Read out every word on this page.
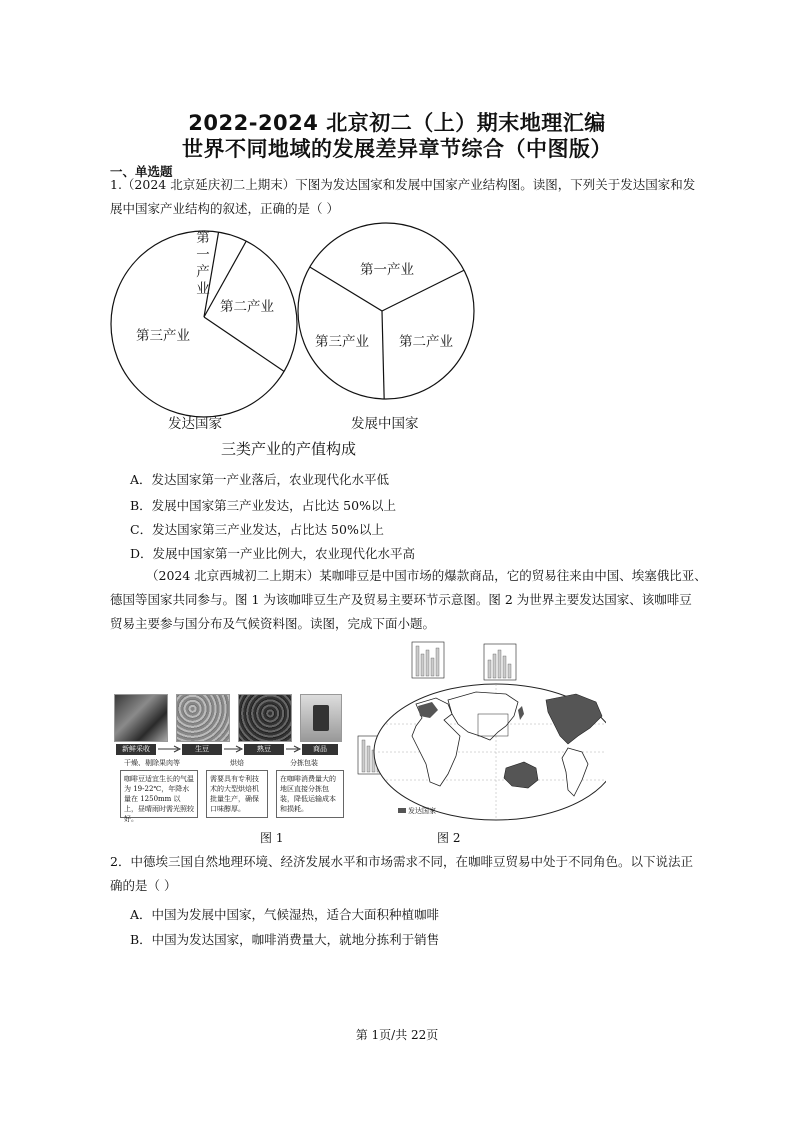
2022-2024 北京初二（上）期末地理汇编
世界不同地域的发展差异章节综合（中图版）
一、单选题
1.（2024 北京延庆初二上期末）下图为发达国家和发展中国家产业结构图。读图，下列关于发达国家和发
展中国家产业结构的叙述，正确的是（ ）
第
一
产
业
第二产业
第三产业
发达国家
第一产业
第二产业
第三产业
发展中国家
三类产业的产值构成
A．发达国家第一产业落后，农业现代化水平低
B．发展中国家第三产业发达，占比达 50%以上
C．发达国家第三产业发达，占比达 50%以上
D．发展中国家第一产业比例大，农业现代化水平高
（2024 北京西城初二上期末）某咖啡豆是中国市场的爆款商品，它的贸易往来由中国、埃塞俄比亚、
德国等国家共同参与。图 1 为该咖啡豆生产及贸易主要环节示意图。图 2 为世界主要发达国家、该咖啡豆
贸易主要参与国分布及气候资料图。读图，完成下面小题。
新鲜采收	生豆	熟豆	商品
干燥、剔除果肉等	烘焙	分拣包装
咖啡豆适宜生长的气温为 19-22℃，年降水量在 1250mm 以上，昼晴雨时需光照较好。
需要具有专利技术的大型烘焙机批量生产，确保口味醇厚。
在咖啡消费量大的地区直接分拣包装，降低运输成本和损耗。
图 1
发达国家
图 2
2．中德埃三国自然地理环境、经济发展水平和市场需求不同，在咖啡豆贸易中处于不同角色。以下说法正
确的是（ ）
A．中国为发展中国家，气候湿热，适合大面积种植咖啡
B．中国为发达国家，咖啡消费量大，就地分拣利于销售
第 1页/共 22页
